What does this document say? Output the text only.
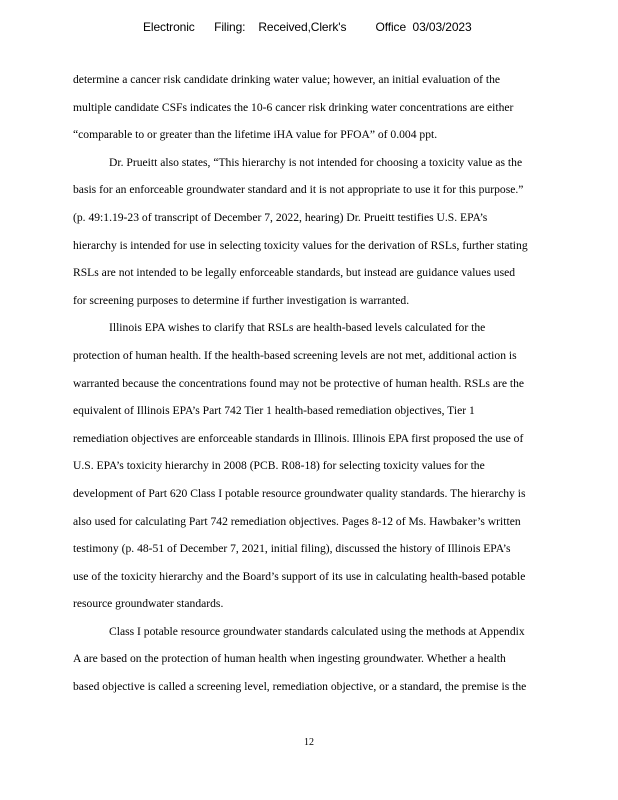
Electronic      Filing:    Received,Clerk's         Office  03/03/2023
determine a cancer risk candidate drinking water value; however, an initial evaluation of the
multiple candidate CSFs indicates the 10-6 cancer risk drinking water concentrations are either
“comparable to or greater than the lifetime iHA value for PFOA” of 0.004 ppt.
Dr. Prueitt also states, “This hierarchy is not intended for choosing a toxicity value as the
basis for an enforceable groundwater standard and it is not appropriate to use it for this purpose.”
(p. 49:1.19-23 of transcript of December 7, 2022, hearing) Dr. Prueitt testifies U.S. EPA’s
hierarchy is intended for use in selecting toxicity values for the derivation of RSLs, further stating
RSLs are not intended to be legally enforceable standards, but instead are guidance values used
for screening purposes to determine if further investigation is warranted.
Illinois EPA wishes to clarify that RSLs are health-based levels calculated for the
protection of human health. If the health-based screening levels are not met, additional action is
warranted because the concentrations found may not be protective of human health. RSLs are the
equivalent of Illinois EPA’s Part 742 Tier 1 health-based remediation objectives, Tier 1
remediation objectives are enforceable standards in Illinois. Illinois EPA first proposed the use of
U.S. EPA’s toxicity hierarchy in 2008 (PCB. R08-18) for selecting toxicity values for the
development of Part 620 Class I potable resource groundwater quality standards. The hierarchy is
also used for calculating Part 742 remediation objectives. Pages 8-12 of Ms. Hawbaker’s written
testimony (p. 48-51 of December 7, 2021, initial filing), discussed the history of Illinois EPA’s
use of the toxicity hierarchy and the Board’s support of its use in calculating health-based potable
resource groundwater standards.
Class I potable resource groundwater standards calculated using the methods at Appendix
A are based on the protection of human health when ingesting groundwater. Whether a health
based objective is called a screening level, remediation objective, or a standard, the premise is the
12
